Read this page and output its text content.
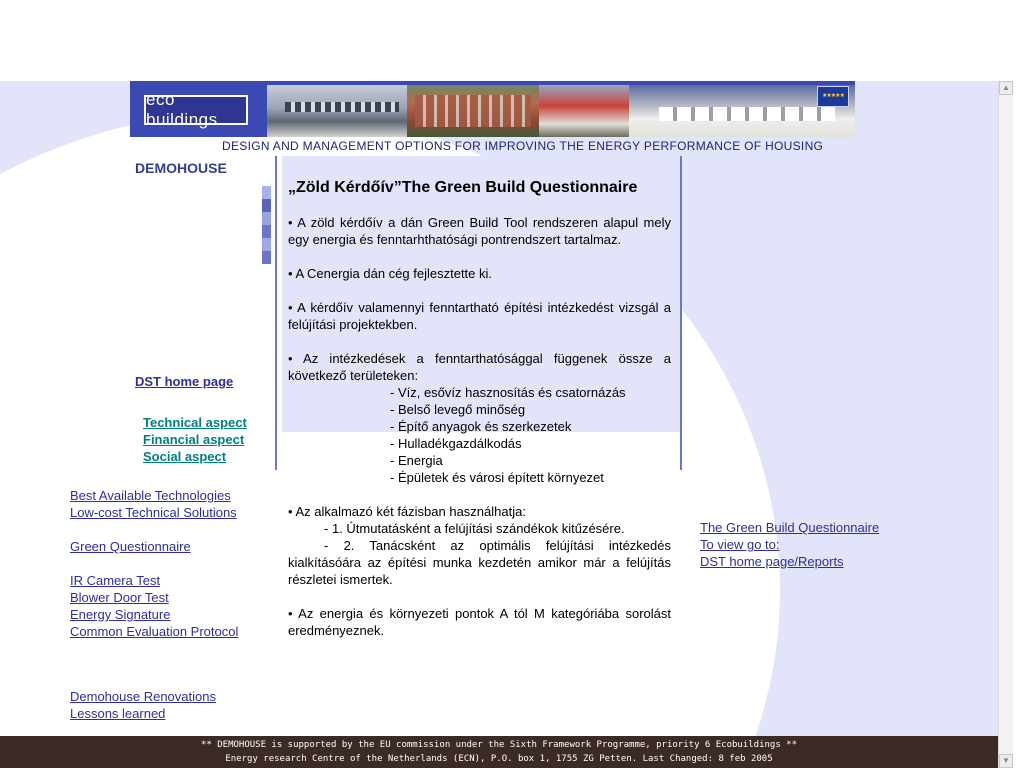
eco buildings
★★★★★
DESIGN AND MANAGEMENT OPTIONS FOR IMPROVING THE ENERGY PERFORMANCE OF HOUSING
DEMOHOUSE
DST home page
Technical aspect
Financial aspect
Social aspect
Best Available Technologies
Low-cost Technical Solutions
Green Questionnaire
IR Camera Test
Blower Door Test
Energy Signature
Common Evaluation Protocol
Demohouse Renovations
Lessons learned
„Zöld Kérdőív”The Green Build Questionnaire

• A zöld kérdőív a dán Green Build Tool rendszeren alapul mely egy energia és fenntarhthatósági pontrendszert tartalmaz.

• A Cenergia dán cég fejlesztette ki.

• A kérdőív valamennyi fenntartható építési intézkedést vizsgál a felújítási projektekben.

• Az intézkedések a fenntarthatósággal függenek össze a következő területeken:
- Víz, esővíz hasznosítás és csatornázás
- Belső levegő minőség
- Építő anyagok és szerkezetek
- Hulladékgazdálkodás
- Energia
- Épületek és városi épített környezet

• Az alkalmazó két fázisban használhatja:

- 1. Útmutatásként a felújítási szándékok kitűzésére.
- 2. Tanácsként az optimális felújítási intézkedés kialkításóára az építési munka kezdetén amikor már a felújítás részletei ismertek.

• Az energia és környezeti pontok A tól M kategóriába sorolást eredményeznek.

The Green Build Questionnaire
To view go to:
DST home page/Reports
** DEMOHOUSE is supported by the EU commission under the Sixth Framework Programme, priority 6 Ecobuildings **
Energy research Centre of the Netherlands (ECN), P.O. box 1, 1755 ZG Petten. Last Changed: 8 feb 2005
▲
▼
